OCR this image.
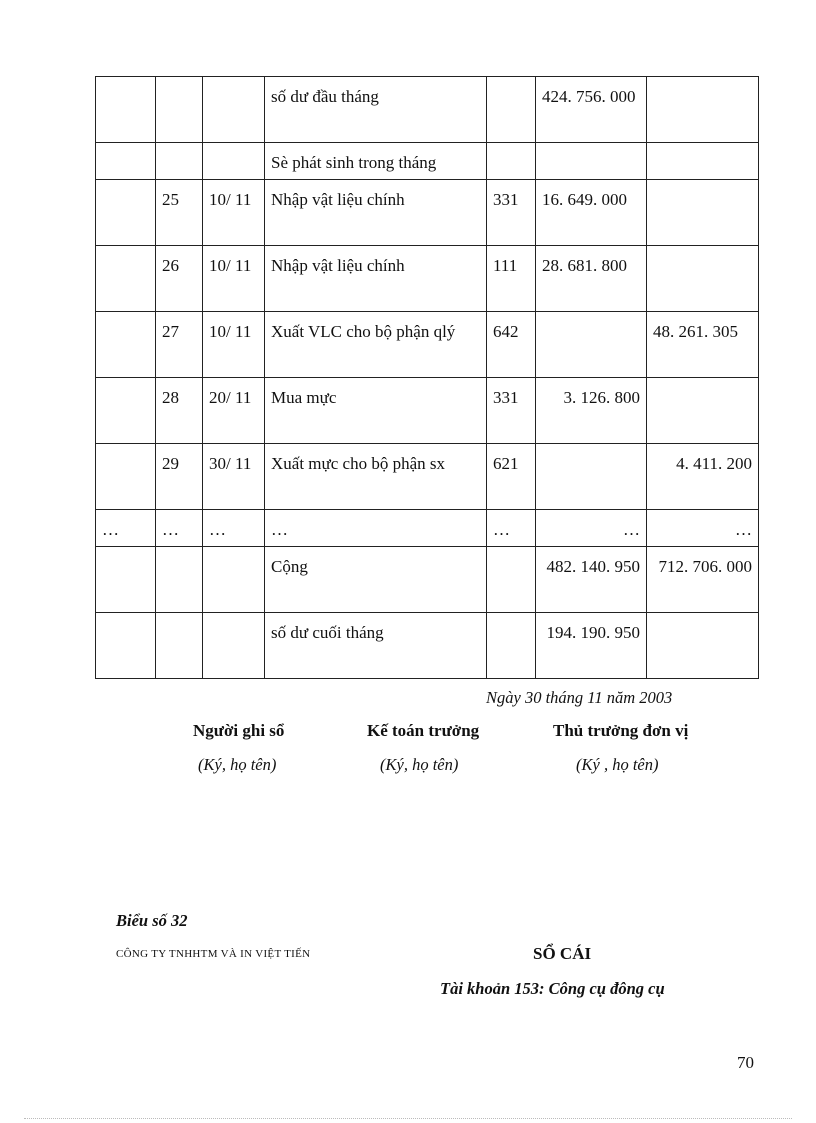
			số dư đầu tháng		424. 756. 000	
			Sè phát sinh trong tháng			
	25	10/ 11	Nhập vật liệu chính	331	16. 649. 000	
	26	10/ 11	Nhập vật liệu chính	111	28. 681. 800	
	27	10/ 11	Xuất VLC cho bộ phận qlý	642		48. 261. 305
	28	20/ 11	Mua mực	331	3. 126. 800	
	29	30/ 11	Xuất mực cho bộ phận sx	621		4. 411. 200
…	…	…	…	…	…	…
			Cộng		482. 140. 950	712. 706. 000
			số dư cuối tháng		194. 190. 950	
Ngày 30 tháng 11 năm 2003
Người ghi sổ	Kế toán trưởng	Thủ trưởng đơn vị
(Ký, họ tên)	(Ký, họ tên)	(Ký , họ tên)
Biểu số 32
CÔNG TY TNHHTM VÀ IN VIỆT TIẾN	SỔ CÁI
Tài khoản 153: Công cụ đông cụ
70
